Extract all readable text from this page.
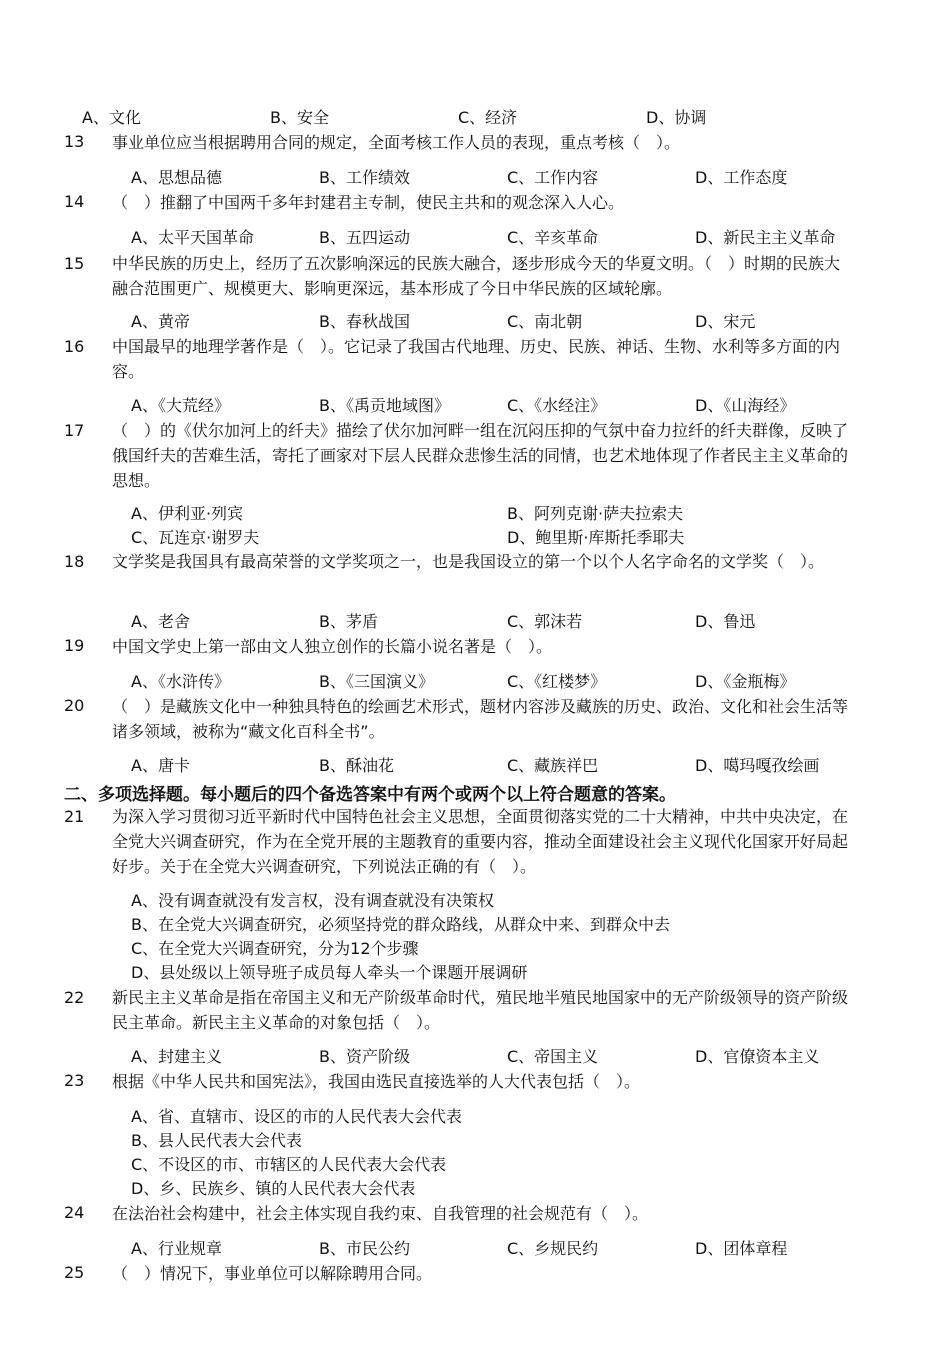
A、文化	B、安全	C、经济	D、协调
13 事业单位应当根据聘用合同的规定，全面考核工作人员的表现，重点考核（　）。
A、思想品德	B、工作绩效	C、工作内容	D、工作态度
14 （　）推翻了中国两千多年封建君主专制，使民主共和的观念深入人心。
A、太平天国革命	B、五四运动	C、辛亥革命	D、新民主主义革命
15 中华民族的历史上，经历了五次影响深远的民族大融合，逐步形成今天的华夏文明。（　）时期的民族大融合范围更广、规模更大、影响更深远，基本形成了今日中华民族的区域轮廓。
A、黄帝	B、春秋战国	C、南北朝	D、宋元
16 中国最早的地理学著作是（　）。它记录了我国古代地理、历史、民族、神话、生物、水利等多方面的内容。
A、《大荒经》	B、《禹贡地域图》	C、《水经注》	D、《山海经》
17 （　）的《伏尔加河上的纤夫》描绘了伏尔加河畔一组在沉闷压抑的气氛中奋力拉纤的纤夫群像，反映了俄国纤夫的苦难生活，寄托了画家对下层人民群众悲惨生活的同情，也艺术地体现了作者民主主义革命的思想。
A、伊利亚·列宾	B、阿列克谢·萨夫拉索夫
C、瓦连京·谢罗夫	D、鲍里斯·库斯托季耶夫
18 文学奖是我国具有最高荣誉的文学奖项之一，也是我国设立的第一个以个人名字命名的文学奖（　）。
A、老舍	B、茅盾	C、郭沫若	D、鲁迅
19 中国文学史上第一部由文人独立创作的长篇小说名著是（　）。
A、《水浒传》	B、《三国演义》	C、《红楼梦》	D、《金瓶梅》
20 （　）是藏族文化中一种独具特色的绘画艺术形式，题材内容涉及藏族的历史、政治、文化和社会生活等诸多领域，被称为“藏文化百科全书”。
A、唐卡	B、酥油花	C、藏族祥巴	D、噶玛嘎孜绘画
二、多项选择题。每小题后的四个备选答案中有两个或两个以上符合题意的答案。
21 为深入学习贯彻习近平新时代中国特色社会主义思想，全面贯彻落实党的二十大精神，中共中央决定，在全党大兴调查研究，作为在全党开展的主题教育的重要内容，推动全面建设社会主义现代化国家开好局起好步。关于在全党大兴调查研究，下列说法正确的有（　）。
A、没有调查就没有发言权，没有调查就没有决策权
B、在全党大兴调查研究，必须坚持党的群众路线，从群众中来、到群众中去
C、在全党大兴调查研究，分为12个步骤
D、县处级以上领导班子成员每人牵头一个课题开展调研
22 新民主主义革命是指在帝国主义和无产阶级革命时代，殖民地半殖民地国家中的无产阶级领导的资产阶级民主革命。新民主主义革命的对象包括（　）。
A、封建主义	B、资产阶级	C、帝国主义	D、官僚资本主义
23 根据《中华人民共和国宪法》，我国由选民直接选举的人大代表包括（　）。
A、省、直辖市、设区的市的人民代表大会代表
B、县人民代表大会代表
C、不设区的市、市辖区的人民代表大会代表
D、乡、民族乡、镇的人民代表大会代表
24 在法治社会构建中，社会主体实现自我约束、自我管理的社会规范有（　）。
A、行业规章	B、市民公约	C、乡规民约	D、团体章程
25 （　）情况下，事业单位可以解除聘用合同。
